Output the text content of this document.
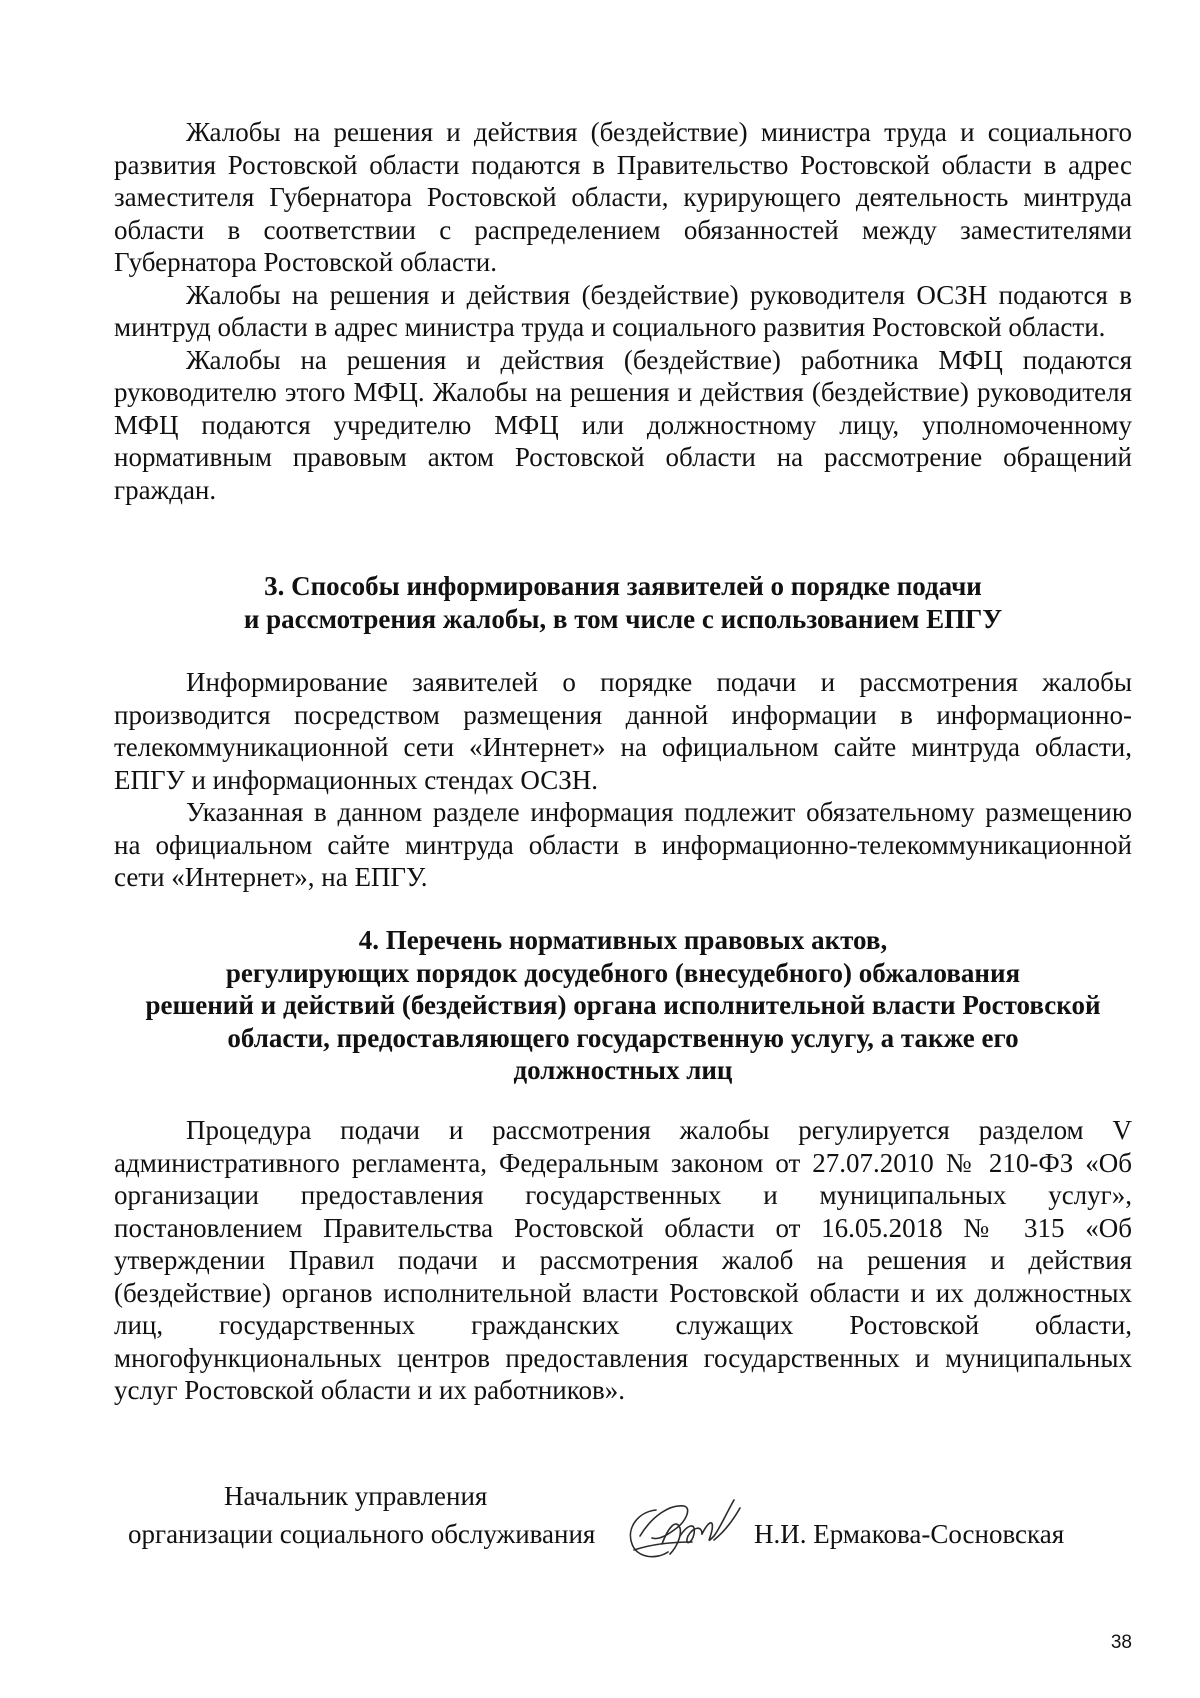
Жалобы на решения и действия (бездействие) министра труда и социального развития Ростовской области подаются в Правительство Ростовской области в адрес заместителя Губернатора Ростовской области, курирующего деятельность минтруда области в соответствии с распределением обязанностей между заместителями Губернатора Ростовской области.

Жалобы на решения и действия (бездействие) руководителя ОСЗН подаются в минтруд области в адрес министра труда и социального развития Ростовской области.

Жалобы на решения и действия (бездействие) работника МФЦ подаются руководителю этого МФЦ. Жалобы на решения и действия (бездействие) руководителя МФЦ подаются учредителю МФЦ или должностному лицу, уполномоченному нормативным правовым актом Ростовской области на рассмотрение обращений граждан.

3. Способы информирования заявителей о порядке подачи
и рассмотрения жалобы, в том числе с использованием ЕПГУ

Информирование заявителей о порядке подачи и рассмотрения жалобы производится посредством размещения данной информации в информационно-телекоммуникационной сети «Интернет» на официальном сайте минтруда области, ЕПГУ и информационных стендах ОСЗН.

Указанная в данном разделе информация подлежит обязательному размещению на официальном сайте минтруда области в информационно-телекоммуникационной сети «Интернет», на ЕПГУ.

4. Перечень нормативных правовых актов,
регулирующих порядок досудебного (внесудебного) обжалования
решений и действий (бездействия) органа исполнительной власти Ростовской
области, предоставляющего государственную услугу, а также его
должностных лиц

Процедура подачи и рассмотрения жалобы регулируется разделом V административного регламента, Федеральным законом от 27.07.2010 № 210-ФЗ «Об организации предоставления государственных и муниципальных услуг», постановлением Правительства Ростовской области от 16.05.2018 № 315 «Об утверждении Правил подачи и рассмотрения жалоб на решения и действия (бездействие) органов исполнительной власти Ростовской области и их должностных лиц, государственных гражданских служащих Ростовской области, многофункциональных центров предоставления государственных и муниципальных услуг Ростовской области и их работников».

Начальник управления
организации социального обслуживания	Н.И. Ермакова-Сосновская
38
